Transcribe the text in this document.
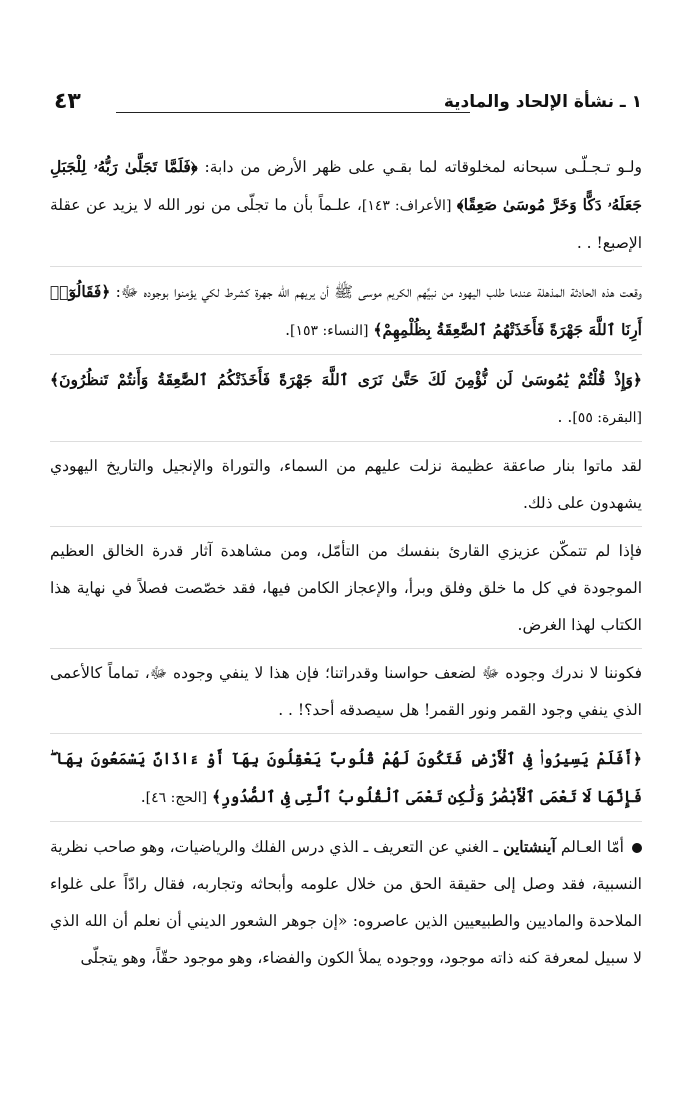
١ ـ نشأة الإلحاد والمادية
٤٣

ولـو تـجـلّـى سبحانه لمخلوقاته لما بقـي على ظهر الأرض من دابة: ﴿فَلَمَّا تَجَلَّىٰ رَبُّهُۥ لِلْجَبَلِ جَعَلَهُۥ دَكًّا وَخَرَّ مُوسَىٰ صَعِقًا﴾ [الأعراف: ١٤٣]، علـماً بأن ما تجلّى من نور الله لا يزيد عن عقلة الإصبع! . .

وقعت هذه الحادثة المذهلة عندما طلب اليهود من نبيِّهم الكريم موسى ﷺ أن يريهم الله جهرة كشرط لكي يؤمنوا بوجوده ﷻ: ﴿فَقَالُوٓا۟ أَرِنَا ٱللَّهَ جَهْرَةً فَأَخَذَتْهُمُ ٱلصَّٰعِقَةُ بِظُلْمِهِمْ﴾ [النساء: ١٥٣].

﴿وَإِذْ قُلْتُمْ يَٰمُوسَىٰ لَن نُّؤْمِنَ لَكَ حَتَّىٰ نَرَى ٱللَّهَ جَهْرَةً فَأَخَذَتْكُمُ ٱلصَّٰعِقَةُ وَأَنتُمْ تَنظُرُونَ﴾ [البقرة: ٥٥]. .

لقد ماتوا بنار صاعقة عظيمة نزلت عليهم من السماء، والتوراة والإنجيل والتاريخ اليهودي يشهدون على ذلك.

فإذا لم تتمكّن عزيزي القارئ بنفسك من التأمّل، ومن مشاهدة آثار قدرة الخالق العظيم الموجودة في كل ما خلق وفلق وبرأ، والإعجاز الكامن فيها، فقد خصّصت فصلاً في نهاية هذا الكتاب لهذا الغرض.

فكوننا لا ندرك وجوده ﷻ لضعف حواسنا وقدراتنا؛ فإن هذا لا ينفي وجوده ﷻ، تماماً كالأعمى الذي ينفي وجود القمر ونور القمر! هل سيصدقه أحد؟! . .

﴿أَفَلَمْ يَسِيرُوا۟ فِى ٱلْأَرْضِ فَتَكُونَ لَهُمْ قُلُوبٌ يَعْقِلُونَ بِهَآ أَوْ ءَاذَانٌ يَسْمَعُونَ بِهَا ۖ فَإِنَّهَا لَا تَعْمَى ٱلْأَبْصَٰرُ وَلَٰكِن تَعْمَى ٱلْقُلُوبُ ٱلَّتِى فِى ٱلصُّدُورِ﴾ [الحج: ٤٦].

أمّا العـالم آينشتاين ـ الغني عن التعريف ـ الذي درس الفلك والرياضيات، وهو صاحب نظرية النسبية، فقد وصل إلى حقيقة الحق من خلال علومه وأبحاثه وتجاربه، فقال رادّاً على غلواء الملاحدة والماديين والطبيعيين الذين عاصروه: «إن جوهر الشعور الديني أن نعلم أن الله الذي لا سبيل لمعرفة كنه ذاته موجود، ووجوده يملأ الكون والفضاء، وهو موجود حقّاً، وهو يتجلّى
